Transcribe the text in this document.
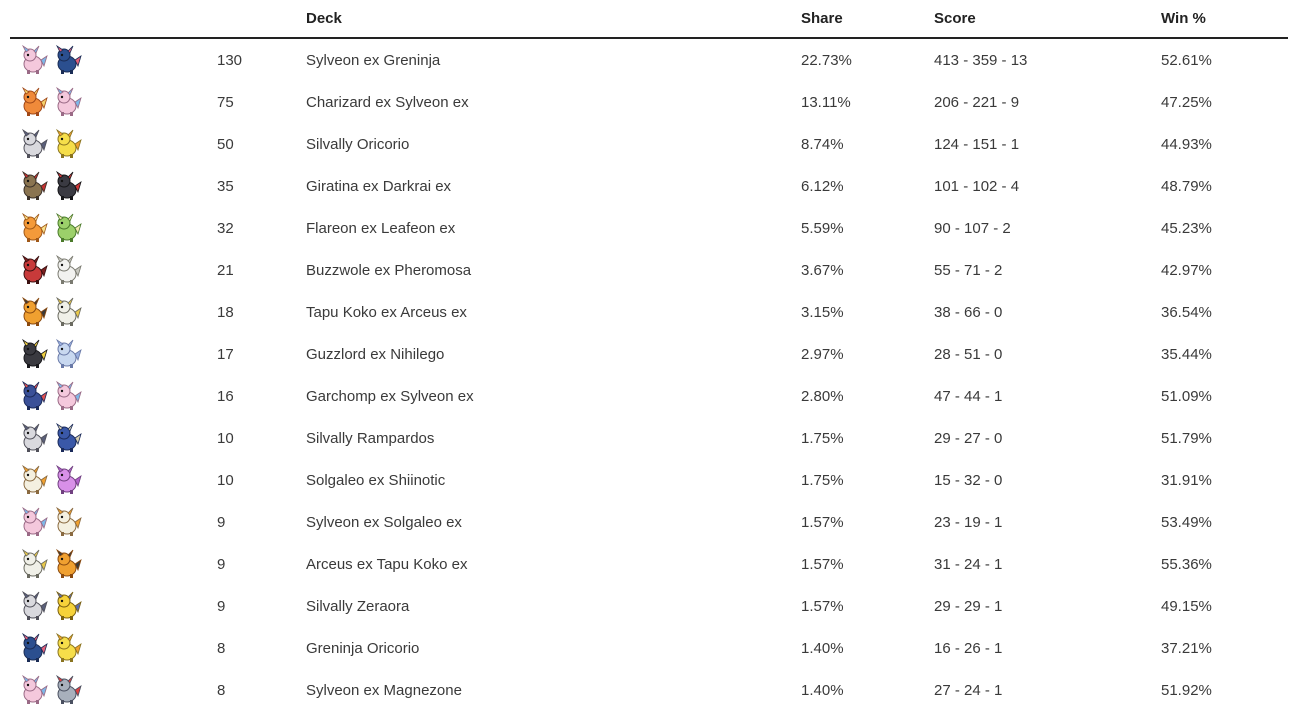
		Deck	Share	Score	Win %

	130	Sylveon ex Greninja	22.73%	413 - 359 - 13	52.61%

	75	Charizard ex Sylveon ex	13.11%	206 - 221 - 9	47.25%

	50	Silvally Oricorio	8.74%	124 - 151 - 1	44.93%

	35	Giratina ex Darkrai ex	6.12%	101 - 102 - 4	48.79%

	32	Flareon ex Leafeon ex	5.59%	90 - 107 - 2	45.23%

	21	Buzzwole ex Pheromosa	3.67%	55 - 71 - 2	42.97%

	18	Tapu Koko ex Arceus ex	3.15%	38 - 66 - 0	36.54%

	17	Guzzlord ex Nihilego	2.97%	28 - 51 - 0	35.44%

	16	Garchomp ex Sylveon ex	2.80%	47 - 44 - 1	51.09%

	10	Silvally Rampardos	1.75%	29 - 27 - 0	51.79%

	10	Solgaleo ex Shiinotic	1.75%	15 - 32 - 0	31.91%

	9	Sylveon ex Solgaleo ex	1.57%	23 - 19 - 1	53.49%

	9	Arceus ex Tapu Koko ex	1.57%	31 - 24 - 1	55.36%

	9	Silvally Zeraora	1.57%	29 - 29 - 1	49.15%

	8	Greninja Oricorio	1.40%	16 - 26 - 1	37.21%

	8	Sylveon ex Magnezone	1.40%	27 - 24 - 1	51.92%
